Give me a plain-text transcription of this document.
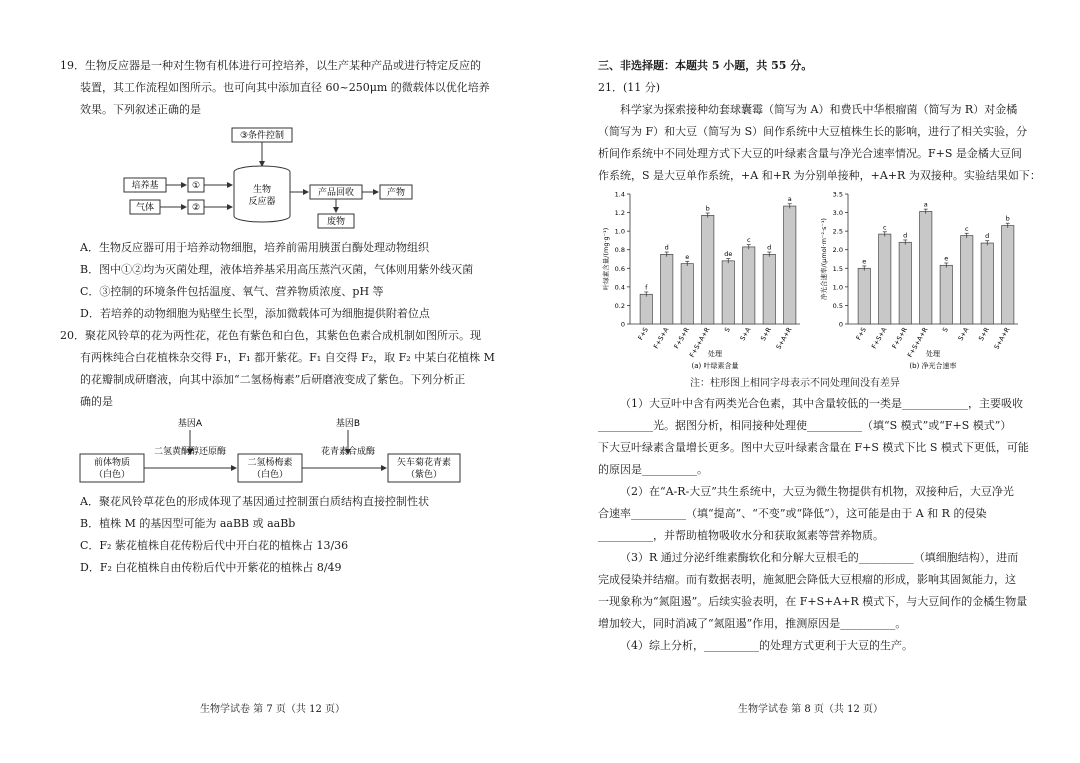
19．生物反应器是一种对生物有机体进行可控培养，以生产某种产品或进行特定反应的
装置，其工作流程如图所示。也可向其中添加直径 60~250μm 的微载体以优化培养
效果。下列叙述正确的是
③条件控制
生物
反应器
培养基	①
气体	②
产品回收	产物
废物
A．生物反应器可用于培养动物细胞，培养前需用胰蛋白酶处理动物组织
B．图中①②均为灭菌处理，液体培养基采用高压蒸汽灭菌，气体则用紫外线灭菌
C．③控制的环境条件包括温度、氧气、营养物质浓度、pH 等
D．若培养的动物细胞为贴壁生长型，添加微载体可为细胞提供附着位点
20．聚花风铃草的花为两性花，花色有紫色和白色，其紫色色素合成机制如图所示。现
有两株纯合白花植株杂交得 F₁，F₁ 都开紫花。F₁ 自交得 F₂，取 F₂ 中某白花植株 M
的花瓣制成研磨液，向其中添加“二氢杨梅素”后研磨液变成了紫色。下列分析正
确的是
基因A	基因B
前体物质
（白色）
二氢黄酮醇还原酶
二氢杨梅素
（白色）
花青素合成酶
矢车菊花青素
（紫色）
A．聚花风铃草花色的形成体现了基因通过控制蛋白质结构直接控制性状
B．植株 M 的基因型可能为 aaBB 或 aaBb
C．F₂ 紫花植株自花传粉后代中开白花的植株占 13/36
D．F₂ 白花植株自由传粉后代中开紫花的植株占 8/49
生物学试卷 第 7 页（共 12 页）
三、非选择题：本题共 5 小题，共 55 分。
21．(11 分)
科学家为探索接种幼套球囊霉（简写为 A）和费氏中华根瘤菌（简写为 R）对金橘
（简写为 F）和大豆（简写为 S）间作系统中大豆植株生长的影响，进行了相关实验，分
析间作系统中不同处理方式下大豆的叶绿素含量与净光合速率情况。F+S 是金橘大豆间
作系统，S 是大豆单作系统，+A 和+R 为分别单接种，+A+R 为双接种。实验结果如下：
0
0.2
0.4
0.6
0.8
1.0
1.2
1.4
叶绿素含量/(mg·g⁻¹)	f
F+S
d
F+S+A
e
F+S+R
b
F+S+A+R
de
S
c
S+A
d
S+R
a
S+A+R
处理
(a) 叶绿素含量
0
0.5
1.0
1.5
2.0
2.5
3.0
3.5
净光合速率/(μmol·m⁻²·s⁻¹)	e
F+S
c
F+S+A
d
F+S+R
a
F+S+A+R
e
S
c
S+A
d
S+R
b
S+A+R
处理
(b) 净光合速率
注：柱形图上相同字母表示不同处理间没有差异
（1）大豆叶中含有两类光合色素，其中含量较低的一类是____________，主要吸收
__________光。据图分析，相同接种处理使__________（填“S 模式”或“F+S 模式”）
下大豆叶绿素含量增长更多。图中大豆叶绿素含量在 F+S 模式下比 S 模式下更低，可能
的原因是__________。
（2）在“A-R-大豆”共生系统中，大豆为微生物提供有机物，双接种后，大豆净光
合速率__________（填“提高”、“不变”或“降低”），这可能是由于 A 和 R 的侵染
__________，并帮助植物吸收水分和获取氮素等营养物质。
（3）R 通过分泌纤维素酶软化和分解大豆根毛的__________（填细胞结构），进而
完成侵染并结瘤。而有数据表明，施氮肥会降低大豆根瘤的形成，影响其固氮能力，这
一现象称为“氮阻遏”。后续实验表明，在 F+S+A+R 模式下，与大豆间作的金橘生物量
增加较大，同时消减了“氮阻遏”作用，推测原因是__________。
（4）综上分析，__________的处理方式更利于大豆的生产。
生物学试卷 第 8 页（共 12 页）
